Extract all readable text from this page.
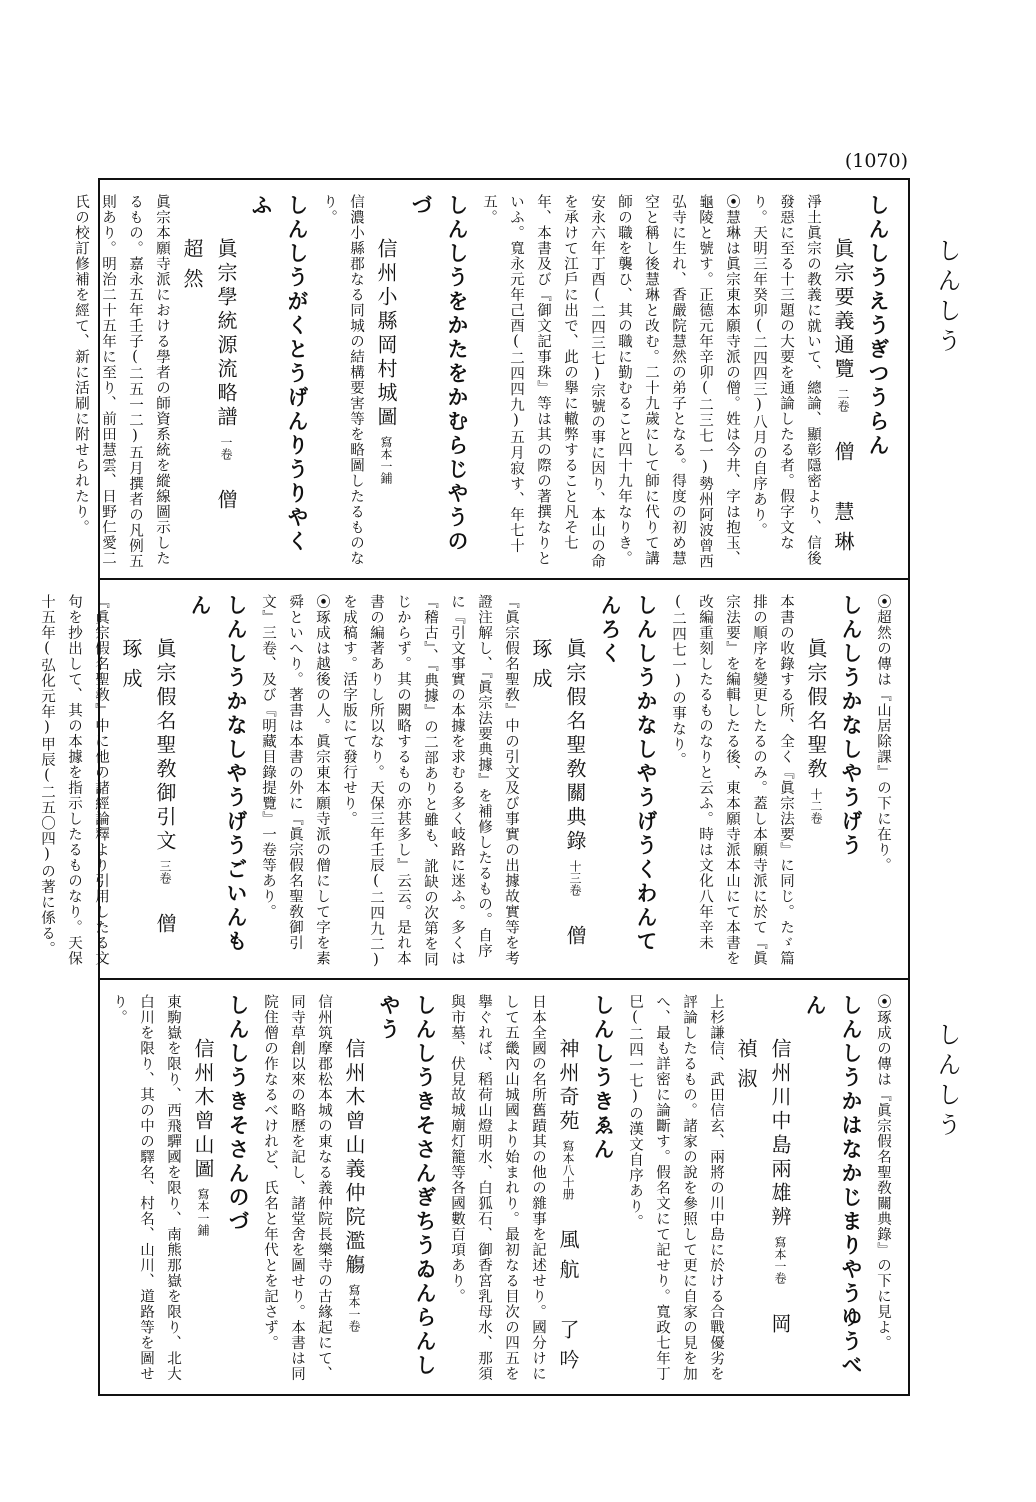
(1070)
しんしう
しんしう
しんしうえうぎつうらん
眞宗要義通覽二卷僧　慧琳
淨土眞宗の教義に就いて、總論、顯彰隱密より、信後發惡に至る十三題の大要を通論したる者。假字文なり。天明三年癸卯(二四四三)八月の自序あり。
⦿慧琳は眞宗東本願寺派の僧。姓は今井、字は抱玉、龜陵と號す。正德元年辛卯(二三七一)勢州阿波曾西弘寺に生れ、香嚴院慧然の弟子となる。得度の初め慧空と稱し後慧琳と改む。二十九歲にして師に代りて講師の職を襲ひ、其の職に勤むること四十九年なりき。安永六年丁酉(二四三七)宗號の事に因り、本山の命を承けて江戶に出で、此の擧に轍弊すること凡そ七年、本書及び『御文記事珠』等は其の際の著撰なりといふ。寬永元年己酉(二四四九)五月寂す、年七十五。
しんしうをかたをかむらじやうのづ
信州小縣岡村城圖寫本一鋪
信濃小縣郡なる同城の結構要害等を略圖したるものなり。
しんしうがくとうげんりうりやくふ
眞宗學統源流略譜一卷僧　超然
眞宗本願寺派における學者の師資系統を縱線圖示したるもの。嘉永五年壬子(二五一二)五月撰者の凡例五則あり。明治二十五年に至り、前田慧雲、日野仁愛二氏の校訂修補を經て、新に活刷に附せられたり。
⦿超然の傳は『山居除課』の下に在り。
しんしうかなしやうげう
眞宗假名聖敎十二卷
本書の收錄する所、全く『眞宗法要』に同じ。たゞ篇排の順序を變更したるのみ。蓋し本願寺派に於て『眞宗法要』を編輯したる後、東本願寺派本山にて本書を改編重刻したるものなりと云ふ。時は文化八年辛未(二四七一)の事なり。
しんしうかなしやうげうくわんてんろく
眞宗假名聖敎關典錄十三卷僧　琢成
『眞宗假名聖敎』中の引文及び事實の出據故實等を考證注解し、『眞宗法要典據』を補修したるもの。自序に『引文事實の本據を求むる多く岐路に迷ふ。多くは『稽古』、『典據』の二部ありと雖も、訛缺の次第を同じからず。其の闕略するもの亦甚多し』云云。是れ本書の編著ありし所以なり。天保三年壬辰(二四九二)を成稿す。活字版にて發行せり。
⦿琢成は越後の人。眞宗東本願寺派の僧にして字を素舜といへり。著書は本書の外に『眞宗假名聖敎御引文』三卷、及び『明藏目錄提覽』一卷等あり。
しんしうかなしやうげうごいんもん
眞宗假名聖敎御引文三卷僧　琢成
『眞宗假名聖敎』中に他の諸經論釋より引用したる文句を抄出して、其の本據を指示したるものなり。天保十五年(弘化元年)甲辰(二五〇四)の著に係る。
⦿琢成の傳は『眞宗假名聖敎關典錄』の下に見よ。
しんしうかはなかじまりやうゆうべん
信州川中島兩雄辨寫本一卷岡　禎淑
上杉謙信、武田信玄、兩將の川中島に於ける合戰優劣を評論したるもの。諸家の說を參照して更に自家の見を加へ、最も詳密に論斷す。假名文にて記せり。寬政七年丁巳(二四一七)の漢文自序あり。
しんしうきゑん
神州奇苑寫本八十册風航　了吟
日本全國の名所舊蹟其の他の雜事を記述せり。國分けにして五畿內山城國より始まれり。最初なる目次の四五を擧ぐれば、稻荷山燈明水、白狐石、御香宮乳母水、那須與市墓、伏見故城廟灯籠等各國數百項あり。
しんしうきそさんぎちうゐんらんしやう
信州木曾山義仲院濫觴寫本一卷
信州筑摩郡松本城の東なる義仲院長樂寺の古緣起にて、同寺草創以來の略歷を記し、諸堂舍を圖せり。本書は同院住僧の作なるべけれど、氏名と年代とを記さず。
しんしうきそさんのづ
信州木曾山圖寫本一鋪
東駒嶽を限り、西飛驒國を限り、南熊那嶽を限り、北大白川を限り、其の中の驛名、村名、山川、道路等を圖せり。
